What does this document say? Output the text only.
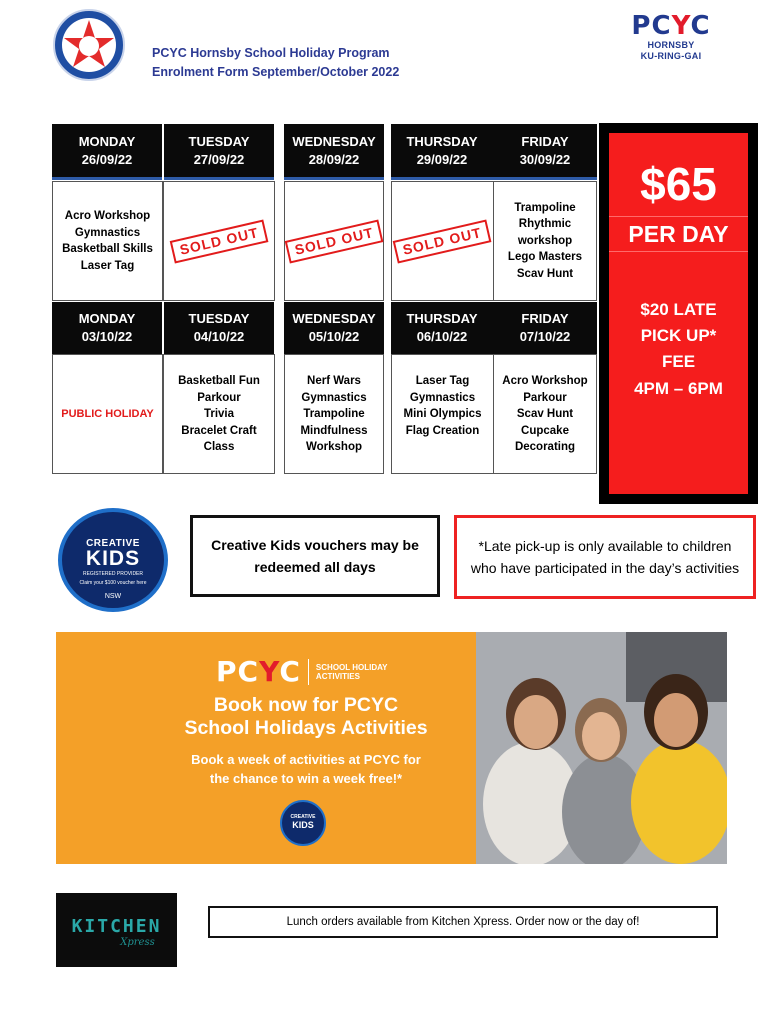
PCYC Hornsby School Holiday Program
Enrolment Form September/October 2022
PCYC
HORNSBY
KU-RING-GAI
MONDAY
26/09/22
TUESDAY
27/09/22
WEDNESDAY
28/09/22
THURSDAY
29/09/22
FRIDAY
30/09/22
Acro Workshop
Gymnastics
Basketball Skills
Laser Tag
SOLD OUT	SOLD OUT	SOLD OUT
Trampoline
Rhythmic
workshop
Lego Masters
Scav Hunt
MONDAY
03/10/22
TUESDAY
04/10/22
WEDNESDAY
05/10/22
THURSDAY
06/10/22
FRIDAY
07/10/22
PUBLIC HOLIDAY
Basketball Fun
Parkour
Trivia
Bracelet Craft
Class
Nerf Wars
Gymnastics
Trampoline
Mindfulness
Workshop
Laser Tag
Gymnastics
Mini Olympics
Flag Creation
Acro Workshop
Parkour
Scav Hunt
Cupcake
Decorating
$65
PER DAY
$20 LATE
PICK UP*
FEE
4PM – 6PM
CREATIVE
KIDS
REGISTERED PROVIDER
Claim your $100 voucher here
NSW
Creative Kids vouchers may be redeemed all days
*Late pick-up is only available to children who have participated in the day’s activities
PCYC SCHOOL HOLIDAY
ACTIVITIES
Book now for PCYC
School Holidays Activities
Book a week of activities at PCYC for
the chance to win a week free!*
CREATIVE
KIDS
KITCHEN
Xpress
Lunch orders available from Kitchen Xpress. Order now or the day of!
